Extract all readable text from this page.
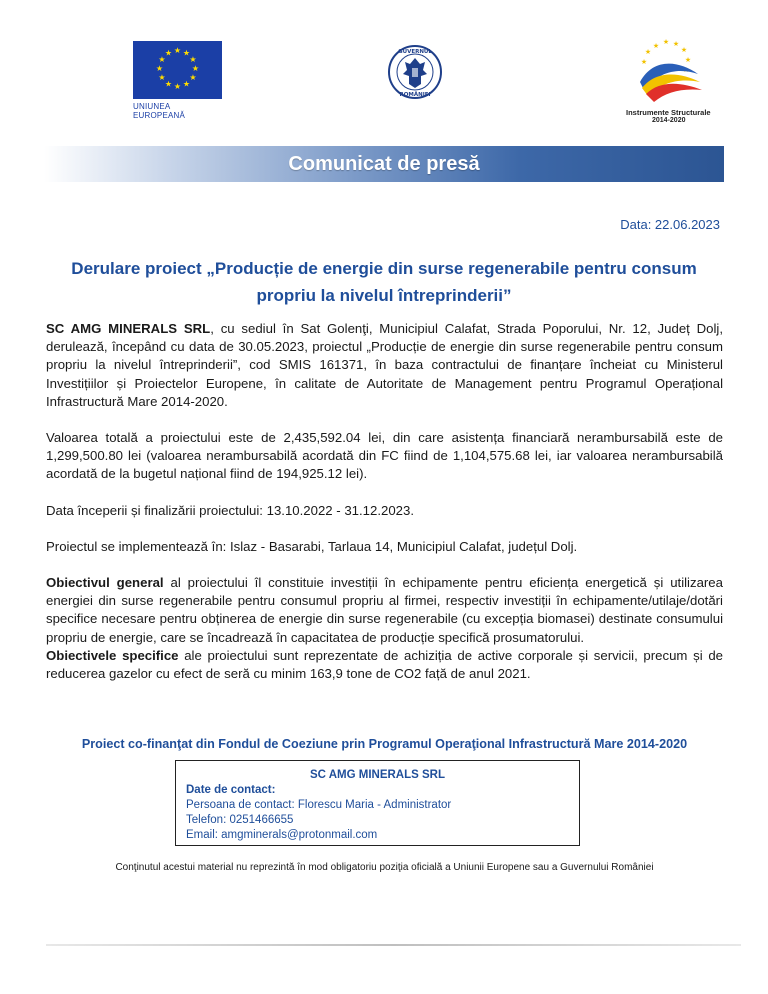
★ ★
★
★
★
★
★
★
★
★
★
★
UNIUNEA EUROPEANĂ
GUVERNUL
ROMÂNIEI
★ ★ ★
★
★
★
★
Instrumente Structurale
2014-2020
Comunicat de presă
Data: 22.06.2023
Derulare proiect „Producție de energie din surse regenerabile pentru consum propriu la nivelul întreprinderii”

SC AMG MINERALS SRL, cu sediul în Sat Golenţi, Municipiul Calafat, Strada Poporului, Nr. 12, Județ Dolj, derulează, începând cu data de 30.05.2023, proiectul „Producție de energie din surse regenerabile pentru consum propriu la nivelul întreprinderii”, cod SMIS 161371, în baza contractului de finanțare încheiat cu Ministerul Investițiilor și Proiectelor Europene, în calitate de Autoritate de Management pentru Programul Operațional Infrastructură Mare 2014-2020.

Valoarea totală a proiectului este de 2,435,592.04 lei, din care asistența financiară nerambursabilă este de 1,299,500.80 lei (valoarea nerambursabilă acordată din FC fiind de 1,104,575.68 lei, iar valoarea nerambursabilă acordată de la bugetul național fiind de 194,925.12 lei).

Data începerii și finalizării proiectului: 13.10.2022 - 31.12.2023.

Proiectul se implementează în: Islaz - Basarabi, Tarlaua 14, Municipiul Calafat, județul Dolj.

Obiectivul general al proiectului îl constituie investiții în echipamente pentru eficiența energetică și utilizarea energiei din surse regenerabile pentru consumul propriu al firmei, respectiv investiții în echipamente/utilaje/dotări specifice necesare pentru obținerea de energie din surse regenerabile (cu excepția biomasei) destinate consumului propriu de energie, care se încadrează în capacitatea de producție specifică prosumatorului.

Obiectivele specifice ale proiectului sunt reprezentate de achiziția de active corporale și servicii, precum și de reducerea gazelor cu efect de seră cu minim 163,9 tone de CO2 față de anul 2021.

Proiect co-finanţat din Fondul de Coeziune prin Programul Operaţional Infrastructură Mare 2014-2020
SC AMG MINERALS SRL
Date de contact:
Persoana de contact: Florescu Maria - Administrator
Telefon: 0251466655
Email: amgminerals@protonmail.com
Conţinutul acestui material nu reprezintă în mod obligatoriu poziţia oficială a Uniunii Europene sau a Guvernului României
